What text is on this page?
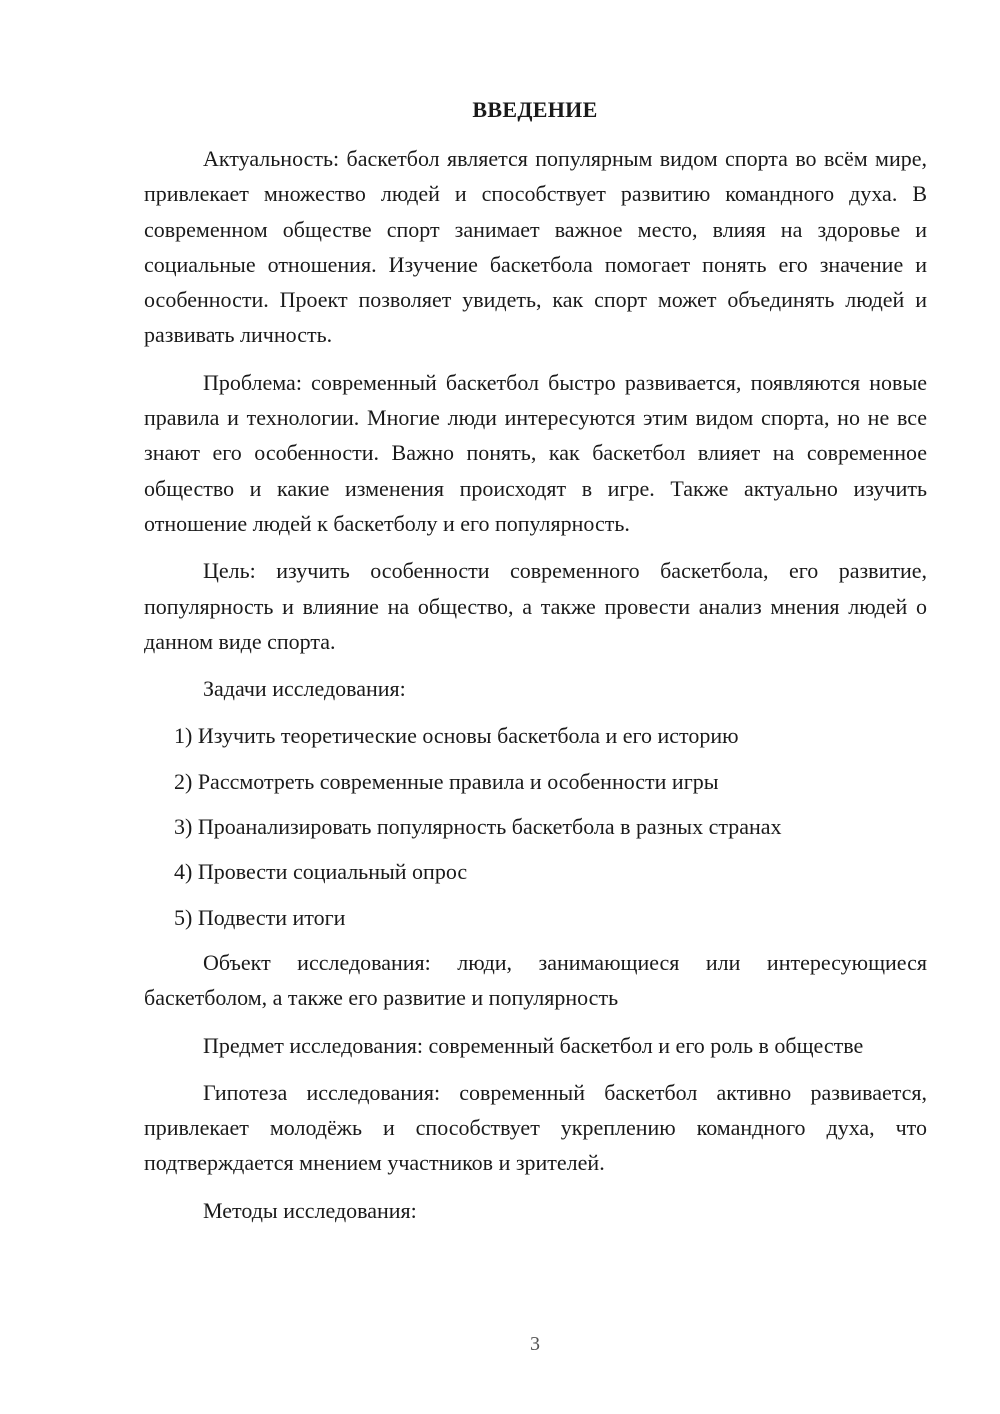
ВВЕДЕНИЕ

Актуальность: баскетбол является популярным видом спорта во всём мире, привлекает множество людей и способствует развитию командного духа. В современном обществе спорт занимает важное место, влияя на здоровье и социальные отношения. Изучение баскетбола помогает понять его значение и особенности. Проект позволяет увидеть, как спорт может объединять людей и развивать личность.

Проблема: современный баскетбол быстро развивается, появляются новые правила и технологии. Многие люди интересуются этим видом спорта, но не все знают его особенности. Важно понять, как баскетбол влияет на современное общество и какие изменения происходят в игре. Также актуально изучить отношение людей к баскетболу и его популярность.

Цель: изучить особенности современного баскетбола, его развитие, популярность и влияние на общество, а также провести анализ мнения людей о данном виде спорта.

Задачи исследования:

1) Изучить теоретические основы баскетбола и его историю

2) Рассмотреть современные правила и особенности игры

3) Проанализировать популярность баскетбола в разных странах

4) Провести социальный опрос

5) Подвести итоги

Объект исследования: люди, занимающиеся или интересующиеся баскетболом, а также его развитие и популярность

Предмет исследования: современный баскетбол и его роль в обществе

Гипотеза исследования: современный баскетбол активно развивается, привлекает молодёжь и способствует укреплению командного духа, что подтверждается мнением участников и зрителей.

Методы исследования:

3
